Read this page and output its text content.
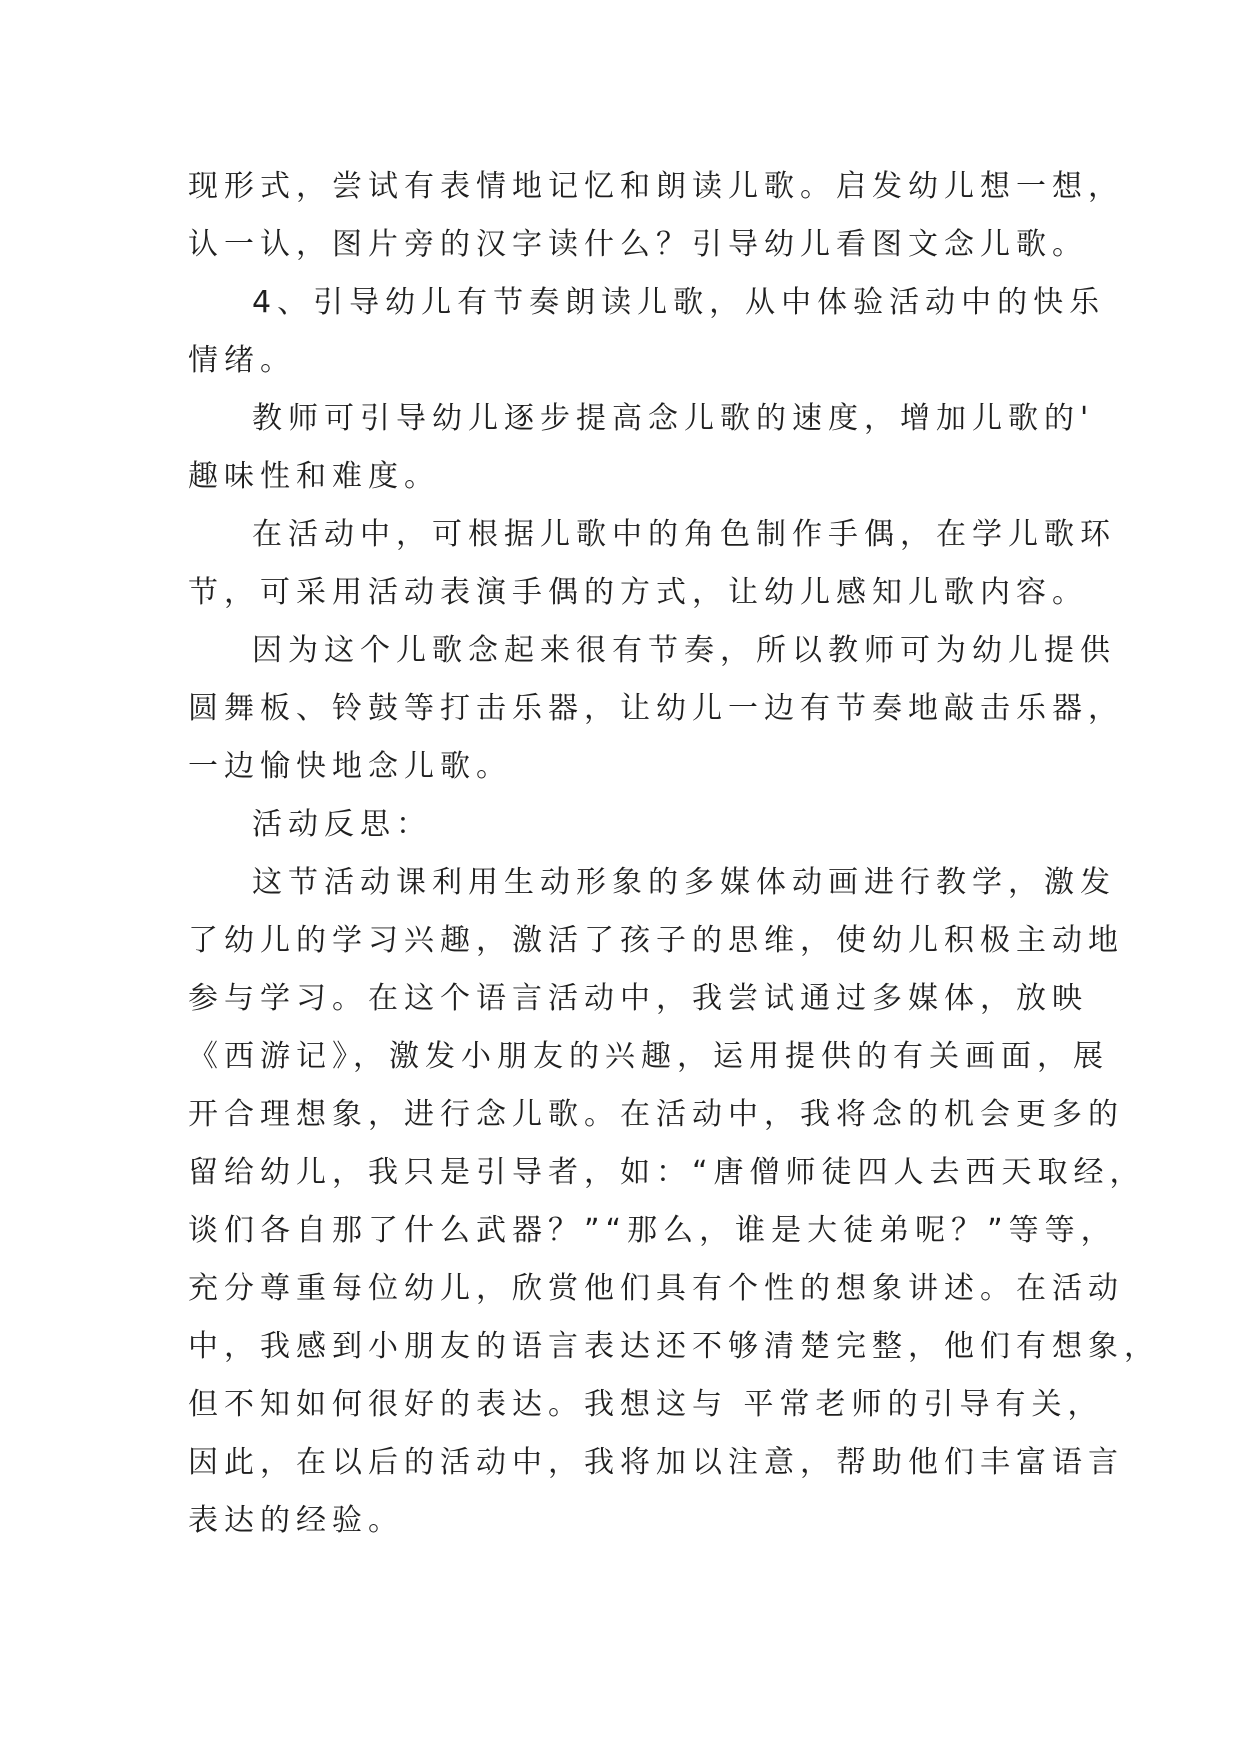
现形式，尝试有表情地记忆和朗读儿歌。启发幼儿想一想，
认一认，图片旁的汉字读什么？引导幼儿看图文念儿歌。
4、引导幼儿有节奏朗读儿歌，从中体验活动中的快乐
情绪。
教师可引导幼儿逐步提高念儿歌的速度，增加儿歌的'
趣味性和难度。
在活动中，可根据儿歌中的角色制作手偶，在学儿歌环
节，可采用活动表演手偶的方式，让幼儿感知儿歌内容。
因为这个儿歌念起来很有节奏，所以教师可为幼儿提供
圆舞板、铃鼓等打击乐器，让幼儿一边有节奏地敲击乐器，
一边愉快地念儿歌。
活动反思：
这节活动课利用生动形象的多媒体动画进行教学，激发
了幼儿的学习兴趣，激活了孩子的思维，使幼儿积极主动地
参与学习。在这个语言活动中，我尝试通过多媒体，放映
《西游记》，激发小朋友的兴趣，运用提供的有关画面，展
开合理想象，进行念儿歌。在活动中，我将念的机会更多的
留给幼儿，我只是引导者，如：“唐僧师徒四人去西天取经，
谈们各自那了什么武器？”“那么，谁是大徒弟呢？”等等，
充分尊重每位幼儿，欣赏他们具有个性的想象讲述。在活动
中，我感到小朋友的语言表达还不够清楚完整，他们有想象，
但不知如何很好的表达。我想这与 平常老师的引导有关，
因此，在以后的活动中，我将加以注意，帮助他们丰富语言
表达的经验。
